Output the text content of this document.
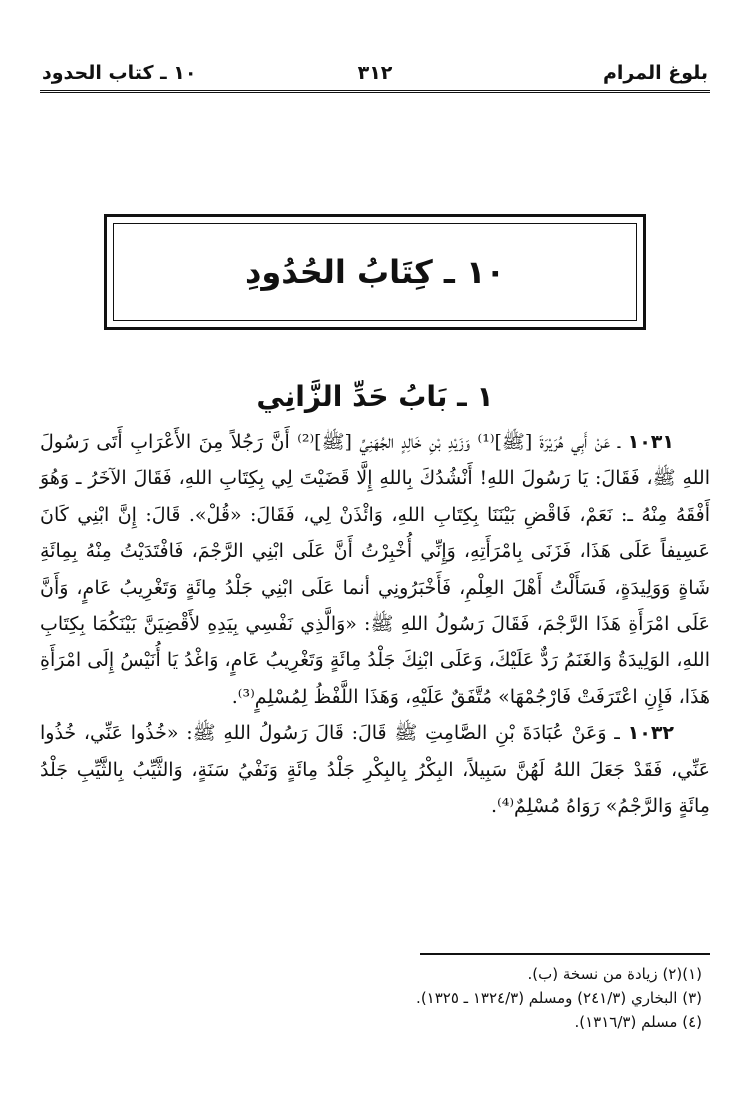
بلوغ المرام
٣١٢
١٠ ـ كتاب الحدود
١٠ ـ كِتَابُ الحُدُودِ
١ ـ بَابُ حَدِّ الزَّانِي

١٠٣١ ـ عَنْ أَبِي هُرَيْرَةَ [ﷺ]⁽¹⁾ وَزَيْدِ بْنِ خَالِدٍ الجُهَنِيِّ [ﷺ]⁽²⁾ أَنَّ رَجُلاً مِنَ الأَعْرَابِ أَتَى رَسُولَ اللهِ ﷺ، فَقَالَ: يَا رَسُولَ اللهِ! أَنْشُدُكَ بِاللهِ إِلَّا قَضَيْتَ لِي بِكِتَابِ اللهِ، فَقَالَ الآخَرُ ـ وَهُوَ أَفْقَهُ مِنْهُ ـ: نَعَمْ، فَاقْضِ بَيْنَنَا بِكِتَابِ اللهِ، وَائْذَنْ لِي، فَقَالَ: «قُلْ». قَالَ: إِنَّ ابْنِي كَانَ عَسِيفاً عَلَى هَذَا، فَزَنَى بِامْرَأَتِهِ، وَإِنِّي أُخْبِرْتُ أَنَّ عَلَى ابْنِي الرَّجْمَ، فَافْتَدَيْتُ مِنْهُ بِمِائَةِ شَاةٍ وَوَلِيدَةٍ، فَسَأَلْتُ أَهْلَ العِلْمِ، فَأَخْبَرُونِي أنما عَلَى ابْنِي جَلْدُ مِائَةٍ وَتَغْرِيبُ عَامٍ، وَأَنَّ عَلَى امْرَأَةِ هَذَا الرَّجْمَ، فَقَالَ رَسُولُ اللهِ ﷺ: «وَالَّذِي نَفْسِي بِيَدِهِ لأَقْضِيَنَّ بَيْنَكُمَا بِكِتَابِ اللهِ، الوَلِيدَةُ وَالغَنَمُ رَدٌّ عَلَيْكَ، وَعَلَى ابْنِكَ جَلْدُ مِائَةٍ وَتَغْرِيبُ عَامٍ، وَاغْدُ يَا أُنَيْسُ إِلَى امْرَأَةِ هَذَا، فَإِنِ اعْتَرَفَتْ فَارْجُمْهَا» مُتَّفَقٌ عَلَيْهِ، وَهَذَا اللَّفْظُ لِمُسْلِمٍ⁽³⁾.

١٠٣٢ ـ وَعَنْ عُبَادَةَ بْنِ الصَّامِتِ ﷺ قَالَ: قَالَ رَسُولُ اللهِ ﷺ: «خُذُوا عَنِّي، خُذُوا عَنِّي، فَقَدْ جَعَلَ اللهُ لَهُنَّ سَبِيلاً، البِكْرُ بِالبِكْرِ جَلْدُ مِائَةٍ وَنَفْيُ سَنَةٍ، وَالثَّيِّبُ بِالثَّيِّبِ جَلْدُ مِائَةٍ وَالرَّجْمُ» رَوَاهُ مُسْلِمٌ⁽⁴⁾.

(١)(٢) زيادة من نسخة (ب).
(٣) البخاري (٢٤١/٣) ومسلم (١٣٢٤/٣ ـ ١٣٢٥).
(٤) مسلم (١٣١٦/٣).
